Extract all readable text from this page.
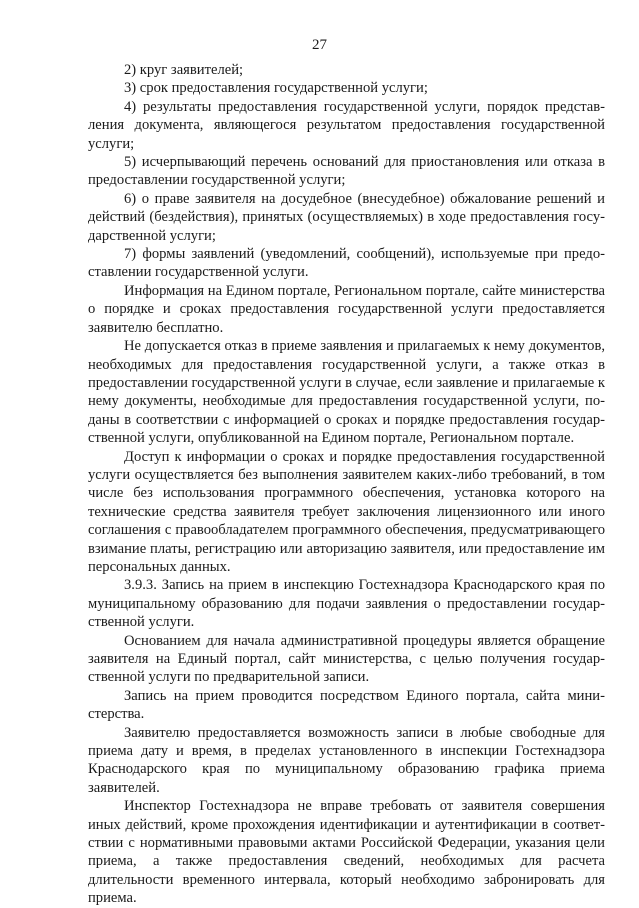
27

2) круг заявителей;

3) срок предоставления государственной услуги;

4) результаты предоставления государственной услуги, порядок представления документа, являющегося результатом предоставления государственной услуги;

5) исчерпывающий перечень оснований для приостановления или отказа в предоставлении государственной услуги;

6) о праве заявителя на досудебное (внесудебное) обжалование решений и действий (бездействия), принятых (осуществляемых) в ходе предоставления государственной услуги;

7) формы заявлений (уведомлений, сообщений), используемые при предоставлении государственной услуги.

Информация на Едином портале, Региональном портале, сайте министерства о порядке и сроках предоставления государственной услуги предоставляется заявителю бесплатно.

Не допускается отказ в приеме заявления и прилагаемых к нему документов, необходимых для предоставления государственной услуги, а также отказ в предоставлении государственной услуги в случае, если заявление и прилагаемые к нему документы, необходимые для предоставления государственной услуги, поданы в соответствии с информацией о сроках и порядке предоставления государственной услуги, опубликованной на Едином портале, Региональном портале.

Доступ к информации о сроках и порядке предоставления государственной услуги осуществляется без выполнения заявителем каких-либо требований, в том числе без использования программного обеспечения, установка которого на технические средства заявителя требует заключения лицензионного или иного соглашения с правообладателем программного обеспечения, предусматривающего взимание платы, регистрацию или авторизацию заявителя, или предоставление им персональных данных.

3.9.3. Запись на прием в инспекцию Гостехнадзора Краснодарского края по муниципальному образованию для подачи заявления о предоставлении государственной услуги.

Основанием для начала административной процедуры является обращение заявителя на Единый портал, сайт министерства, с целью получения государственной услуги по предварительной записи.

Запись на прием проводится посредством Единого портала, сайта министерства.

Заявителю предоставляется возможность записи в любые свободные для приема дату и время, в пределах установленного в инспекции Гостехнадзора Краснодарского края по муниципальному образованию графика приема заявителей.

Инспектор Гостехнадзора не вправе требовать от заявителя совершения иных действий, кроме прохождения идентификации и аутентификации в соответствии с нормативными правовыми актами Российской Федерации, указания цели приема, а также предоставления сведений, необходимых для расчета длительности временного интервала, который необходимо забронировать для приема.
